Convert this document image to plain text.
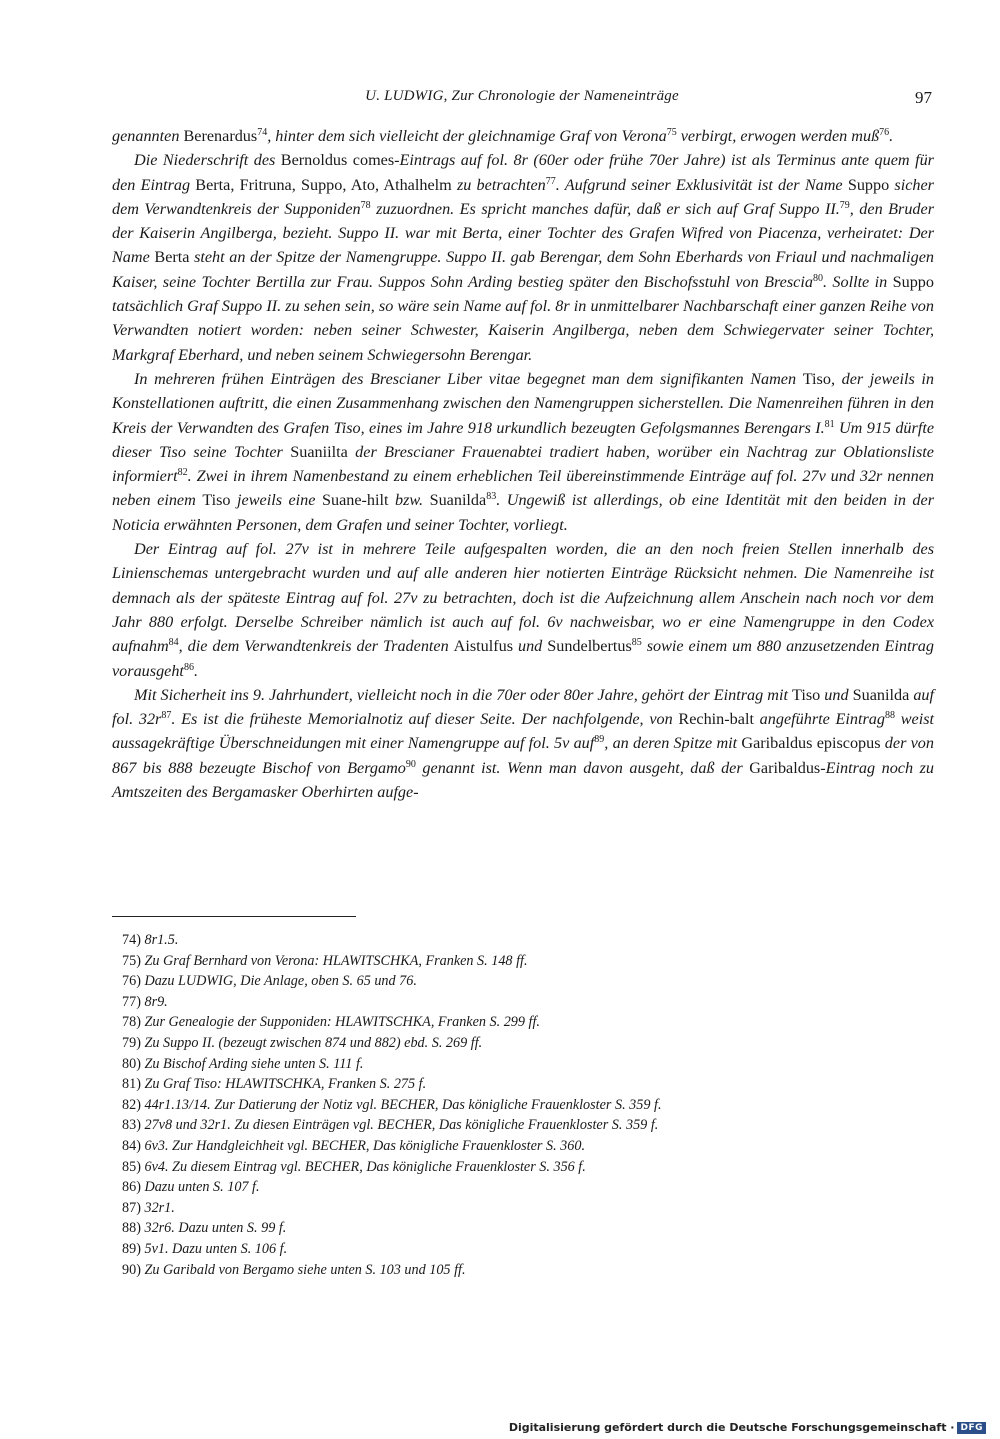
U. LUDWIG, Zur Chronologie der Nameneinträge	97

genannten Berenardus$^{74}$, hinter dem sich vielleicht der gleichnamige Graf von Verona$^{75}$ verbirgt, erwogen werden muß$^{76}$.

Die Niederschrift des Bernoldus comes-Eintrags auf fol. 8r (60er oder frühe 70er Jahre) ist als Terminus ante quem für den Eintrag Berta, Fritruna, Suppo, Ato, Athalhelm zu betrachten$^{77}$. Aufgrund seiner Exklusivität ist der Name Suppo sicher dem Verwandtenkreis der Supponiden$^{78}$ zuzuordnen. Es spricht manches dafür, daß er sich auf Graf Suppo II.$^{79}$, den Bruder der Kaiserin Angilberga, bezieht. Suppo II. war mit Berta, einer Tochter des Grafen Wifred von Piacenza, verheiratet: Der Name Berta steht an der Spitze der Namengruppe. Suppo II. gab Berengar, dem Sohn Eberhards von Friaul und nachmaligen Kaiser, seine Tochter Bertilla zur Frau. Suppos Sohn Arding bestieg später den Bischofsstuhl von Brescia$^{80}$. Sollte in Suppo tatsächlich Graf Suppo II. zu sehen sein, so wäre sein Name auf fol. 8r in unmittelbarer Nachbarschaft einer ganzen Reihe von Verwandten notiert worden: neben seiner Schwester, Kaiserin Angilberga, neben dem Schwiegervater seiner Tochter, Markgraf Eberhard, und neben seinem Schwiegersohn Berengar.

In mehreren frühen Einträgen des Brescianer Liber vitae begegnet man dem signifikanten Namen Tiso, der jeweils in Konstellationen auftritt, die einen Zusammenhang zwischen den Namengruppen sicherstellen. Die Namenreihen führen in den Kreis der Verwandten des Grafen Tiso, eines im Jahre 918 urkundlich bezeugten Gefolgsmannes Berengars I.$^{81}$ Um 915 dürfte dieser Tiso seine Tochter Suaniilta der Brescianer Frauenabtei tradiert haben, worüber ein Nachtrag zur Oblationsliste informiert$^{82}$. Zwei in ihrem Namenbestand zu einem erheblichen Teil übereinstimmende Einträge auf fol. 27v und 32r nennen neben einem Tiso jeweils eine Suane-hilt bzw. Suanilda$^{83}$. Ungewiß ist allerdings, ob eine Identität mit den beiden in der Noticia erwähnten Personen, dem Grafen und seiner Tochter, vorliegt.

Der Eintrag auf fol. 27v ist in mehrere Teile aufgespalten worden, die an den noch freien Stellen innerhalb des Linienschemas untergebracht wurden und auf alle anderen hier notierten Einträge Rücksicht nehmen. Die Namenreihe ist demnach als der späteste Eintrag auf fol. 27v zu betrachten, doch ist die Aufzeichnung allem Anschein nach noch vor dem Jahr 880 erfolgt. Derselbe Schreiber nämlich ist auch auf fol. 6v nachweisbar, wo er eine Namengruppe in den Codex aufnahm$^{84}$, die dem Verwandtenkreis der Tradenten Aistulfus und Sundelbertus$^{85}$ sowie einem um 880 anzusetzenden Eintrag vorausgeht$^{86}$.

Mit Sicherheit ins 9. Jahrhundert, vielleicht noch in die 70er oder 80er Jahre, gehört der Eintrag mit Tiso und Suanilda auf fol. $32r^{87}$. Es ist die früheste Memorialnotiz auf dieser Seite. Der nachfolgende, von Rechin-balt angeführte Eintrag$^{88}$ weist aussagekräftige Überschneidungen mit einer Namengruppe auf fol. 5v auf$^{89}$, an deren Spitze mit Garibaldus episcopus der von 867 bis 888 bezeugte Bischof von Bergamo$^{90}$ genannt ist. Wenn man davon ausgeht, daß der Garibaldus-Eintrag noch zu Amtszeiten des Bergamasker Oberhirten aufge-

74) 8r1.5.
75) Zu Graf Bernhard von Verona: HLAWITSCHKA, Franken S. 148 ff.
76) Dazu LUDWIG, Die Anlage, oben S. 65 und 76.
77) 8r9.
78) Zur Genealogie der Supponiden: HLAWITSCHKA, Franken S. 299 ff.
79) Zu Suppo II. (bezeugt zwischen 874 und 882) ebd. S. 269 ff.
80) Zu Bischof Arding siehe unten S. 111 f.
81) Zu Graf Tiso: HLAWITSCHKA, Franken S. 275 f.
82) 44r1.13/14. Zur Datierung der Notiz vgl. BECHER, Das königliche Frauenkloster S. 359 f.
83) 27v8 und 32r1. Zu diesen Einträgen vgl. BECHER, Das königliche Frauenkloster S. 359 f.
84) 6v3. Zur Handgleichheit vgl. BECHER, Das königliche Frauenkloster S. 360.
85) 6v4. Zu diesem Eintrag vgl. BECHER, Das königliche Frauenkloster S. 356 f.
86) Dazu unten S. 107 f.
87) 32r1.
88) 32r6. Dazu unten S. 99 f.
89) 5v1. Dazu unten S. 106 f.
90) Zu Garibald von Bergamo siehe unten S. 103 und 105 ff.
Digitalisierung gefördert durch die Deutsche Forschungsgemeinschaft · DFG
